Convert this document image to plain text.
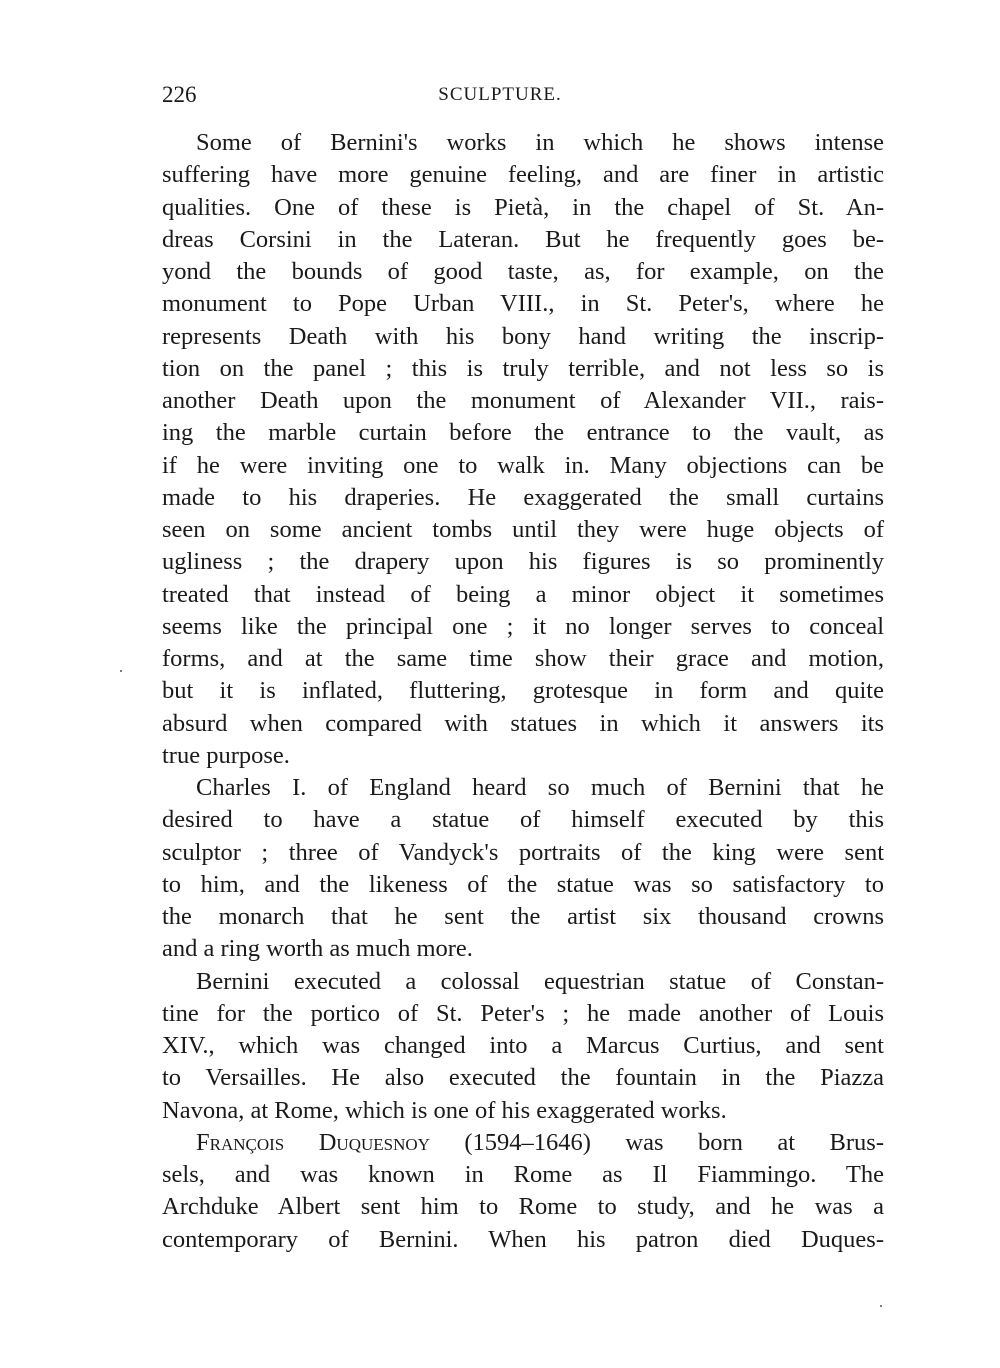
226	SCULPTURE.
Some of Bernini's works in which he shows intense
suffering have more genuine feeling, and are finer in artistic
qualities. One of these is Pietà, in the chapel of St. An-
dreas Corsini in the Lateran. But he frequently goes be-
yond the bounds of good taste, as, for example, on the
monument to Pope Urban VIII., in St. Peter's, where he
represents Death with his bony hand writing the inscrip-
tion on the panel ; this is truly terrible, and not less so is
another Death upon the monument of Alexander VII., rais-
ing the marble curtain before the entrance to the vault, as
if he were inviting one to walk in. Many objections can be
made to his draperies. He exaggerated the small curtains
seen on some ancient tombs until they were huge objects of
ugliness ; the drapery upon his figures is so prominently
treated that instead of being a minor object it sometimes
seems like the principal one ; it no longer serves to conceal
forms, and at the same time show their grace and motion,
but it is inflated, fluttering, grotesque in form and quite
absurd when compared with statues in which it answers its
true purpose.
Charles I. of England heard so much of Bernini that he
desired to have a statue of himself executed by this
sculptor ; three of Vandyck's portraits of the king were sent
to him, and the likeness of the statue was so satisfactory to
the monarch that he sent the artist six thousand crowns
and a ring worth as much more.
Bernini executed a colossal equestrian statue of Constan-
tine for the portico of St. Peter's ; he made another of Louis
XIV., which was changed into a Marcus Curtius, and sent
to Versailles. He also executed the fountain in the Piazza
Navona, at Rome, which is one of his exaggerated works.
François Duquesnoy (1594–1646) was born at Brus-
sels, and was known in Rome as Il Fiammingo. The
Archduke Albert sent him to Rome to study, and he was a
contemporary of Bernini. When his patron died Duques-
